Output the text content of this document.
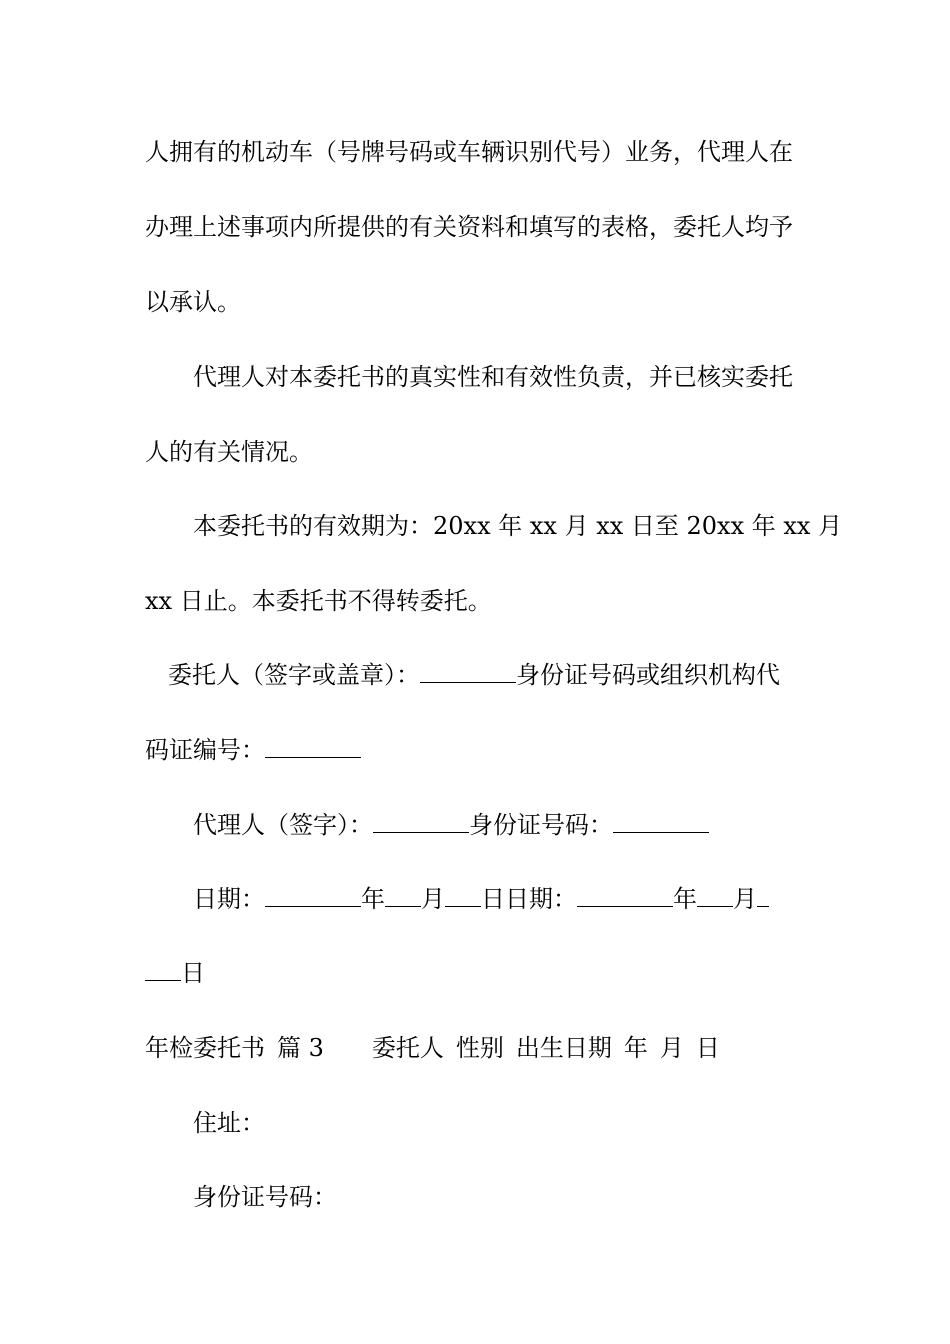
人拥有的机动车（号牌号码或车辆识别代号）业务，代理人在
办理上述事项内所提供的有关资料和填写的表格，委托人均予
以承认。
代理人对本委托书的真实性和有效性负责，并已核实委托
人的有关情况。
本委托书的有效期为：20xx 年 xx 月 xx 日至 20xx 年 xx 月
xx 日止。本委托书不得转委托。
委托人（签字或盖章）：	身份证号码或组织机构代
码证编号：
代理人（签字）：	身份证号码：
日期：	年 月 日日期：	年 月
日
年检委托书 篇 3 委托人 性别 出生日期 年 月 日
住址：
身份证号码：
